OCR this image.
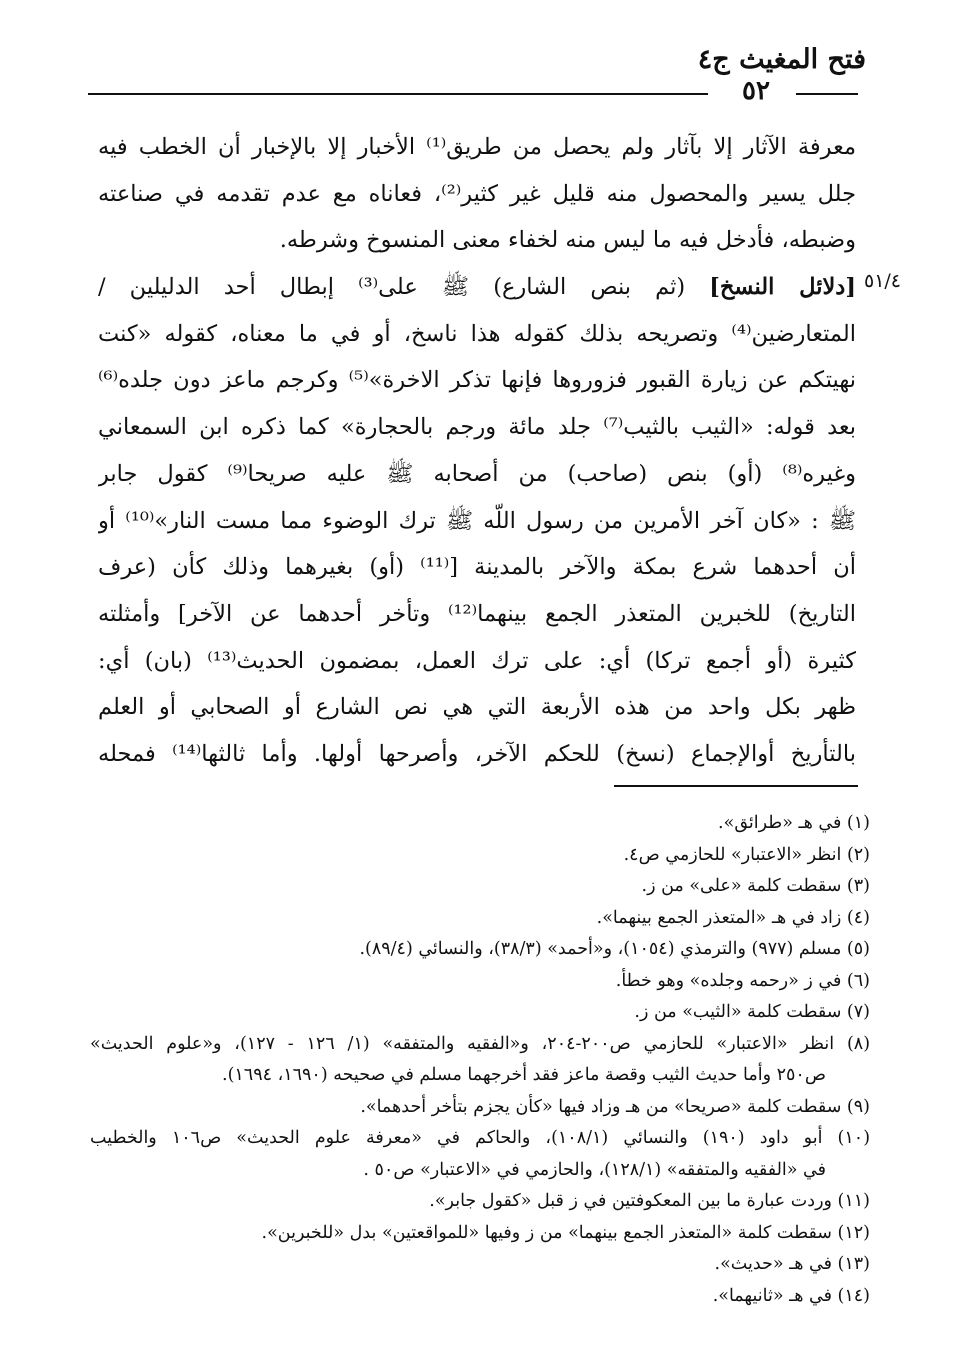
فتح المغيث ج٤
٥٢
٥١/٤
معرفة الآثار إلا بآثار ولم يحصل من طريق⁽¹⁾ الأخبار إلا بالإخبار أن الخطب فيه
جلل يسير والمحصول منه قليل غير كثير⁽²⁾، فعاناه مع عدم تقدمه في صناعته
وضبطه، فأدخل فيه ما ليس منه لخفاء معنى المنسوخ وشرطه.
[دلائل النسخ] (ثم بنص الشارع) ﷺ على⁽³⁾ إبطال أحد الدليلين /
المتعارضين⁽⁴⁾ وتصريحه بذلك كقوله هذا ناسخ، أو في ما معناه، كقوله «كنت
نهيتكم عن زيارة القبور فزوروها فإنها تذكر الاخرة»⁽⁵⁾ وكرجم ماعز دون جلده⁽⁶⁾
بعد قوله: «الثيب بالثيب⁽⁷⁾ جلد مائة ورجم بالحجارة» كما ذكره ابن السمعاني
وغيره⁽⁸⁾ (أو) بنص (صاحب) من أصحابه ﷺ عليه صريحا⁽⁹⁾ كقول جابر
ﷺ : «كان آخر الأمرين من رسول اللّه ﷺ ترك الوضوء مما مست النار»⁽¹⁰⁾ أو
أن أحدهما شرع بمكة والآخر بالمدينة [⁽¹¹⁾ (أو) بغيرهما وذلك كأن (عرف
التاريخ) للخبرين المتعذر الجمع بينهما⁽¹²⁾ وتأخر أحدهما عن الآخر] وأمثلته
كثيرة (أو أجمع تركا) أي: على ترك العمل، بمضمون الحديث⁽¹³⁾ (بان) أي:
ظهر بكل واحد من هذه الأربعة التي هي نص الشارع أو الصحابي أو العلم
بالتأريخ أوالإجماع (نسخ) للحكم الآخر، وأصرحها أولها. وأما ثالثها⁽¹⁴⁾ فمحله
(١) في هـ «طرائق».
(٢) انظر «الاعتبار» للحازمي ص٤.
(٣) سقطت كلمة «على» من ز.
(٤) زاد في هـ «المتعذر الجمع بينهما».
(٥) مسلم (٩٧٧) والترمذي (١٠٥٤)، و«أحمد» (٣٨/٣)، والنسائي (٨٩/٤).
(٦) في ز «رحمه وجلده» وهو خطأ.
(٧) سقطت كلمة «الثيب» من ز.
(٨) انظر «الاعتبار» للحازمي ص٢٠٠-٢٠٤، و«الفقيه والمتفقه» (١/ ١٢٦ - ١٢٧)، و«علوم الحديث»
ص٢٥٠ وأما حديث الثيب وقصة ماعز فقد أخرجهما مسلم في صحيحه (١٦٩٠، ١٦٩٤).
(٩) سقطت كلمة «صريحا» من هـ وزاد فيها «كأن يجزم بتأخر أحدهما».
(١٠) أبو داود (١٩٠) والنسائي (١٠٨/١)، والحاكم في «معرفة علوم الحديث» ص١٠٦ والخطيب
في «الفقيه والمتفقه» (١٢٨/١)، والحازمي في «الاعتبار» ص٥٠ .
(١١) وردت عبارة ما بين المعكوفتين في ز قبل «كقول جابر».
(١٢) سقطت كلمة «المتعذر الجمع بينهما» من ز وفيها «للمواقعتين» بدل «للخبرين».
(١٣) في هـ «حديث».
(١٤) في هـ «ثانيهما».
